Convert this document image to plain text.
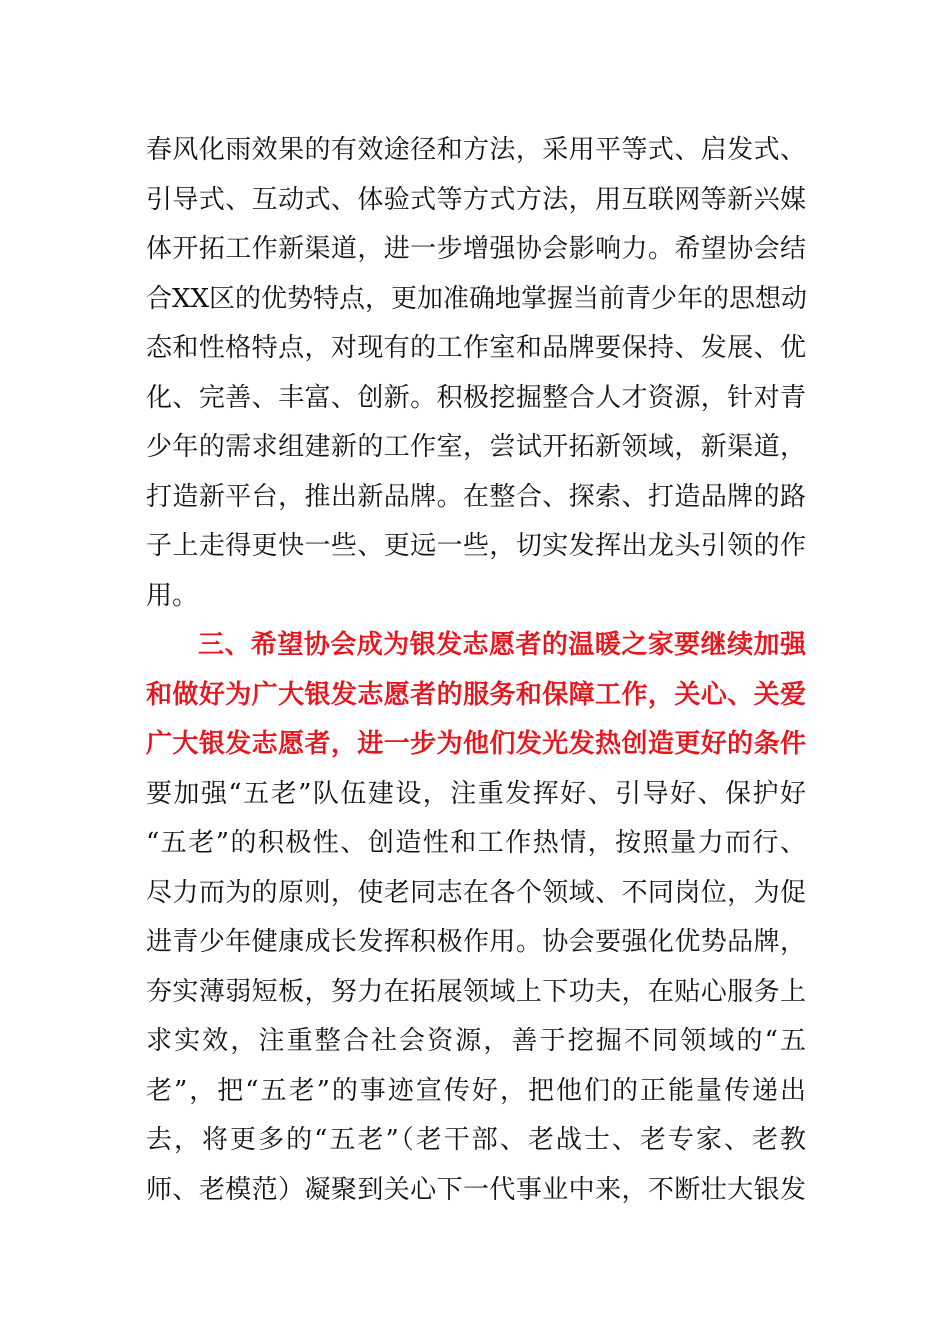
春风化雨效果的有效途径和方法，采用平等式、启发式、
引导式、互动式、体验式等方式方法，用互联网等新兴媒
体开拓工作新渠道，进一步增强协会影响力。希望协会结
合XX区的优势特点，更加准确地掌握当前青少年的思想动
态和性格特点，对现有的工作室和品牌要保持、发展、优
化、完善、丰富、创新。积极挖掘整合人才资源，针对青
少年的需求组建新的工作室，尝试开拓新领域，新渠道，
打造新平台，推出新品牌。在整合、探索、打造品牌的路
子上走得更快一些、更远一些，切实发挥出龙头引领的作
用。
三、希望协会成为银发志愿者的温暖之家要继续加强
和做好为广大银发志愿者的服务和保障工作，关心、关爱
广大银发志愿者，进一步为他们发光发热创造更好的条件
要加强“五老”队伍建设，注重发挥好、引导好、保护好
“五老”的积极性、创造性和工作热情，按照量力而行、
尽力而为的原则，使老同志在各个领域、不同岗位，为促
进青少年健康成长发挥积极作用。协会要强化优势品牌，
夯实薄弱短板，努力在拓展领域上下功夫，在贴心服务上
求实效，注重整合社会资源，善于挖掘不同领域的“五
老”，把“五老”的事迹宣传好，把他们的正能量传递出
去，将更多的“五老”（老干部、老战士、老专家、老教
师、老模范）凝聚到关心下一代事业中来，不断壮大银发
